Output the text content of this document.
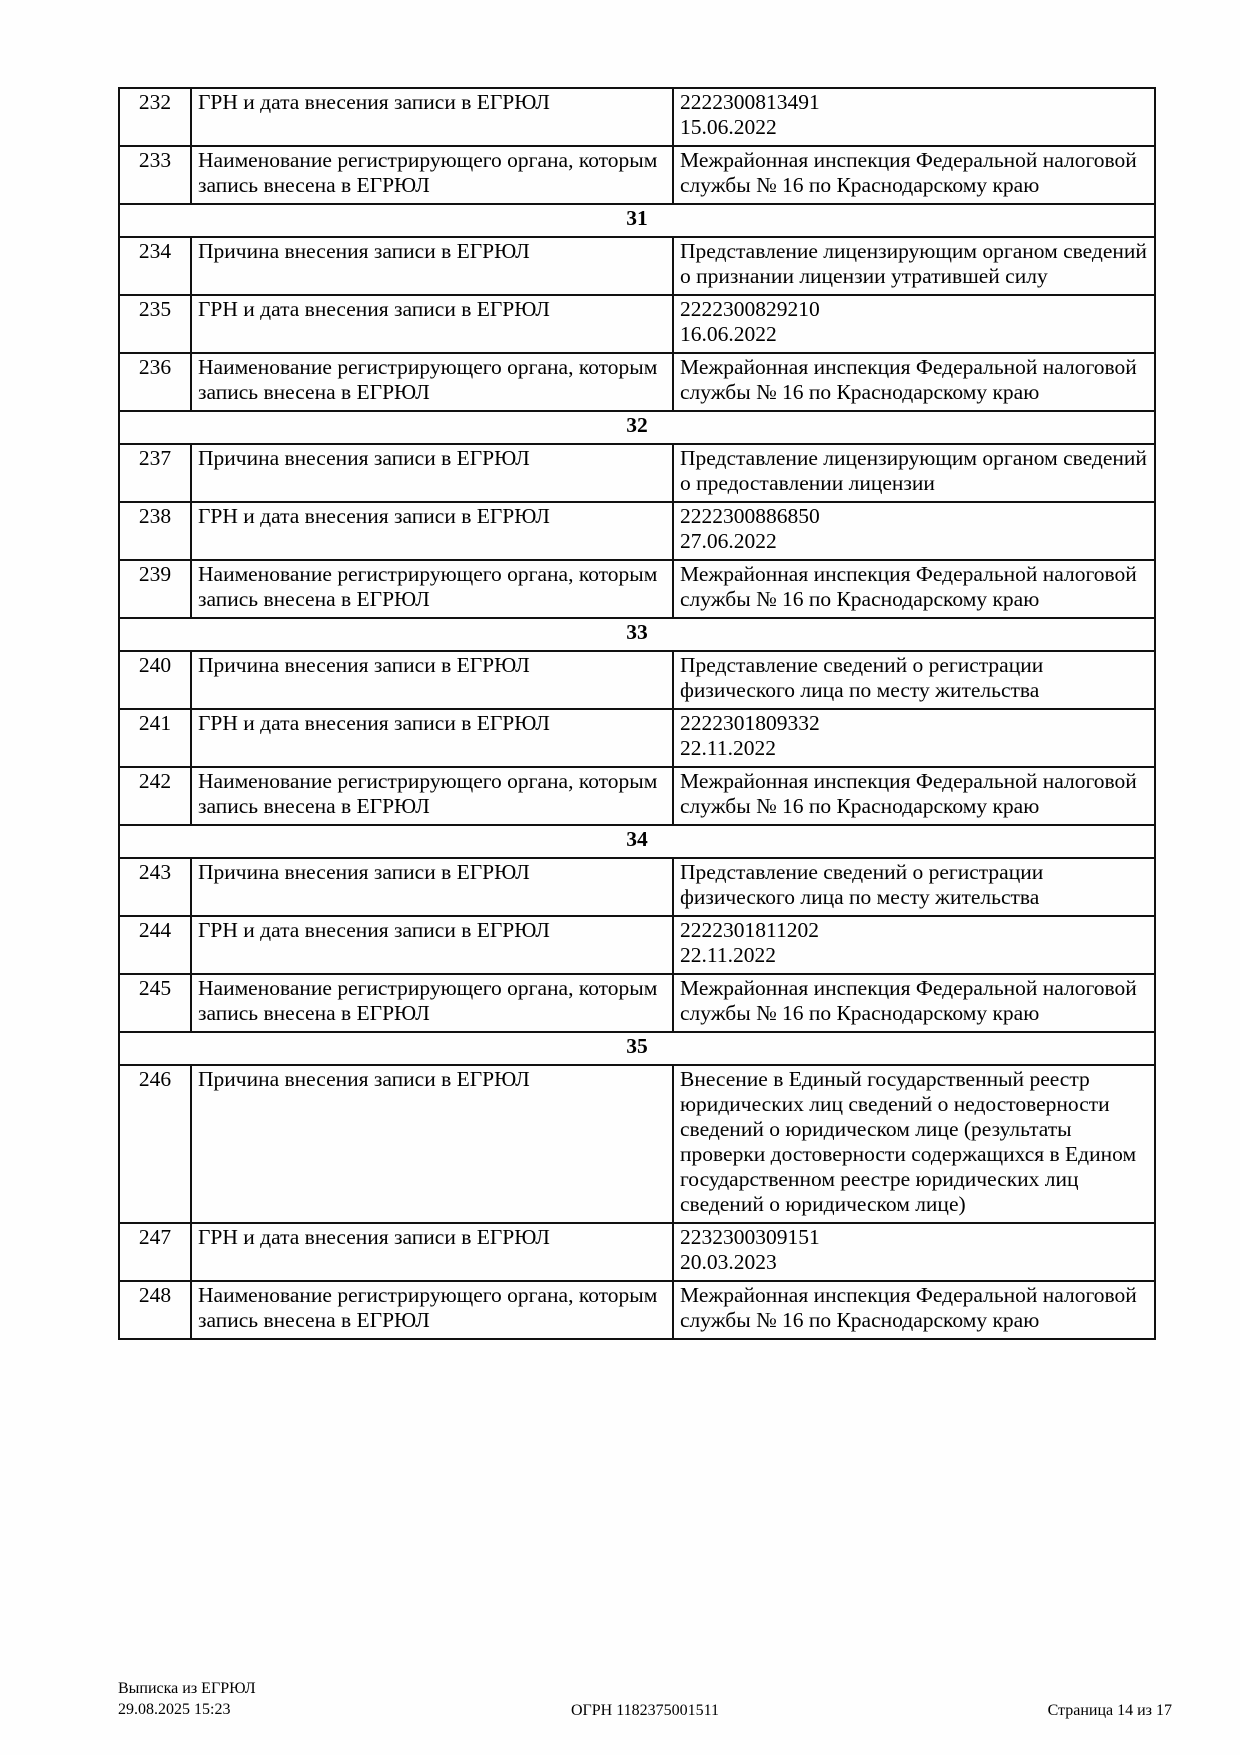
232	ГРН и дата внесения записи в ЕГРЮЛ	2222300813491
15.06.2022

233	Наименование регистрирующего органа, которым запись внесена в ЕГРЮЛ	Межрайонная инспекция Федеральной налоговой службы № 16 по Краснодарскому краю

31		
234	Причина внесения записи в ЕГРЮЛ	Представление лицензирующим органом сведений о признании лицензии утратившей силу

235	ГРН и дата внесения записи в ЕГРЮЛ	2222300829210
16.06.2022

236	Наименование регистрирующего органа, которым запись внесена в ЕГРЮЛ	Межрайонная инспекция Федеральной налоговой службы № 16 по Краснодарскому краю

32		
237	Причина внесения записи в ЕГРЮЛ	Представление лицензирующим органом сведений о предоставлении лицензии

238	ГРН и дата внесения записи в ЕГРЮЛ	2222300886850
27.06.2022

239	Наименование регистрирующего органа, которым запись внесена в ЕГРЮЛ	Межрайонная инспекция Федеральной налоговой службы № 16 по Краснодарскому краю

33		
240	Причина внесения записи в ЕГРЮЛ	Представление сведений о регистрации физического лица по месту жительства

241	ГРН и дата внесения записи в ЕГРЮЛ	2222301809332
22.11.2022

242	Наименование регистрирующего органа, которым запись внесена в ЕГРЮЛ	Межрайонная инспекция Федеральной налоговой службы № 16 по Краснодарскому краю

34		
243	Причина внесения записи в ЕГРЮЛ	Представление сведений о регистрации физического лица по месту жительства

244	ГРН и дата внесения записи в ЕГРЮЛ	2222301811202
22.11.2022

245	Наименование регистрирующего органа, которым запись внесена в ЕГРЮЛ	Межрайонная инспекция Федеральной налоговой службы № 16 по Краснодарскому краю

35		
246	Причина внесения записи в ЕГРЮЛ	Внесение в Единый государственный реестр юридических лиц сведений о недостоверности сведений о юридическом лице (результаты проверки достоверности содержащихся в Едином государственном реестре юридических лиц сведений о юридическом лице)

247	ГРН и дата внесения записи в ЕГРЮЛ	2232300309151
20.03.2023

248	Наименование регистрирующего органа, которым запись внесена в ЕГРЮЛ	Межрайонная инспекция Федеральной налоговой службы № 16 по Краснодарскому краю
Выписка из ЕГРЮЛ
29.08.2025 15:23	ОГРН 1182375001511	Страница 14 из 17
